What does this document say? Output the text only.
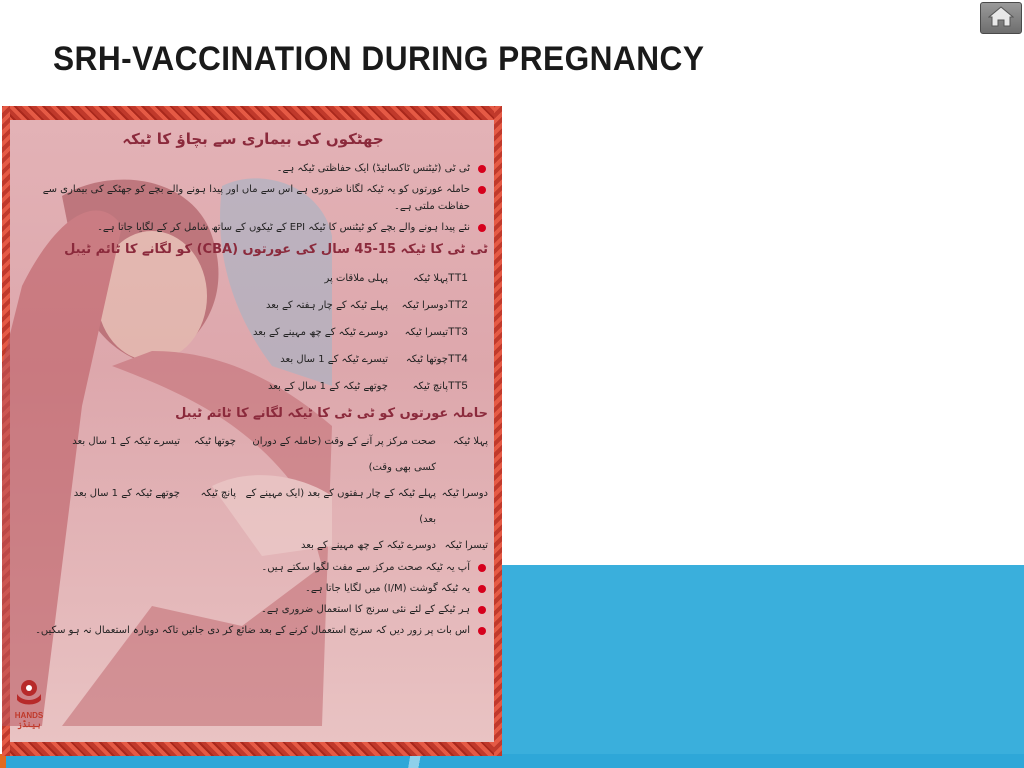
SRH-VACCINATION DURING PREGNANCY

جھٹکوں کی بیماری سے بچاؤ کا ٹیکہ

ٹی ٹی (ٹیٹنس ٹاکسائیڈ) ایک حفاظتی ٹیکہ ہے۔

حاملہ عورتوں کو یہ ٹیکہ لگانا ضروری ہے اس سے ماں اور پیدا ہونے والے بچے کو جھٹکے کی بیماری سے حفاظت ملتی ہے۔

نئے پیدا ہونے والے بچے کو ٹیٹنس کا ٹیکہ EPI کے ٹیکوں کے ساتھ شامل کر کے لگایا جاتا ہے۔

ٹی ٹی کا ٹیکہ 15-45 سال کی عورتوں (CBA) کو لگانے کا ٹائم ٹیبل

TT1
پہلا ٹیکہ
پہلی ملاقات پر
TT2
دوسرا ٹیکہ
پہلے ٹیکہ کے چار ہفتہ کے بعد
TT3
تیسرا ٹیکہ
دوسرے ٹیکہ کے چھ مہینے کے بعد
TT4
چوتھا ٹیکہ
تیسرے ٹیکہ کے 1 سال بعد
TT5
پانچ ٹیکہ
چوتھے ٹیکہ کے 1 سال کے بعد

حاملہ عورتوں کو ٹی ٹی کا ٹیکہ لگانے کا ٹائم ٹیبل

پہلا ٹیکہ
صحت مرکز پر آنے کے وقت (حاملہ کے دوران کسی بھی وقت)
چوتھا ٹیکہ
تیسرے ٹیکہ کے 1 سال بعد
دوسرا ٹیکہ
پہلے ٹیکہ کے چار ہفتوں کے بعد (ایک مہینے کے بعد)
پانچ ٹیکہ
چوتھے ٹیکہ کے 1 سال بعد
تیسرا ٹیکہ
دوسرے ٹیکہ کے چھ مہینے کے بعد

آپ یہ ٹیکہ صحت مرکز سے مفت لگوا سکتے ہیں۔

یہ ٹیکہ گوشت (I/M) میں لگایا جاتا ہے۔

ہر ٹیکے کے لئے نئی سرنج کا استعمال ضروری ہے۔

اس بات پر زور دیں کہ سرنج استعمال کرنے کے بعد ضائع کر دی جائیں تاکہ دوبارہ استعمال نہ ہو سکیں۔

HANDS
ہینڈز
